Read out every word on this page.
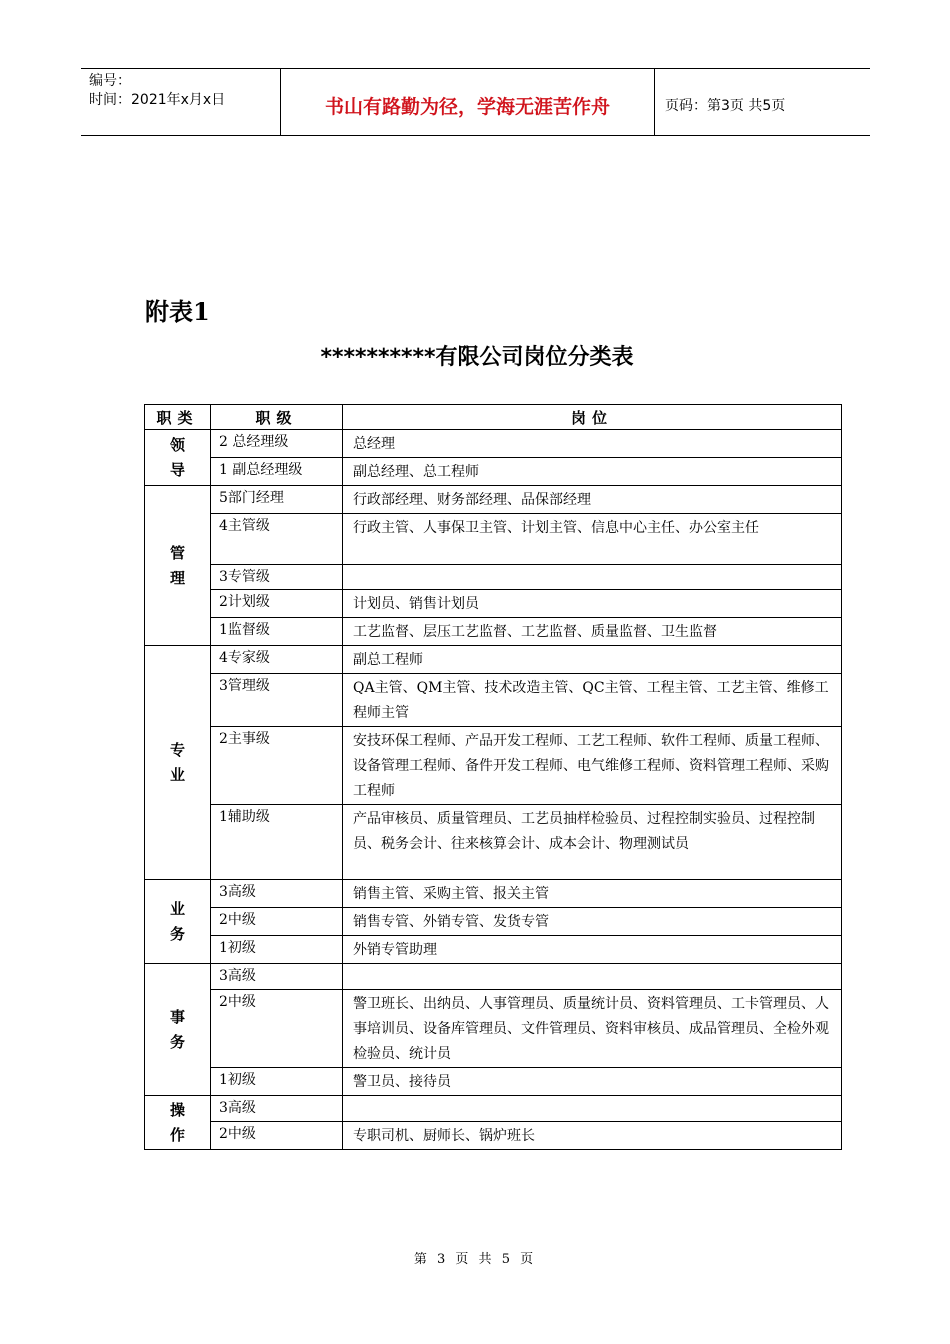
编号：
时间：2021年x月x日	书山有路勤为径，学海无涯苦作舟	页码：第3页 共5页
附表1
**********有限公司岗位分类表
职类	职级	岗位

领
导	2 总经理级	总经理
	1 副总经理级	副总经理、总工程师

管
理	5部门经理	行政部经理、财务部经理、品保部经理
	4主管级	行政主管、人事保卫主管、计划主管、信息中心主任、办公室主任
	3专管级	
	2计划级	计划员、销售计划员
	1监督级	工艺监督、层压工艺监督、工艺监督、质量监督、卫生监督

专
业	4专家级	副总工程师
	3管理级	QA主管、QM主管、技术改造主管、QC主管、工程主管、工艺主管、维修工程师主管
	2主事级	安技环保工程师、产品开发工程师、工艺工程师、软件工程师、质量工程师、设备管理工程师、备件开发工程师、电气维修工程师、资料管理工程师、采购工程师
	1辅助级	产品审核员、质量管理员、工艺员抽样检验员、过程控制实验员、过程控制员、税务会计、往来核算会计、成本会计、物理测试员

业
务	3高级	销售主管、采购主管、报关主管
	2中级	销售专管、外销专管、发货专管
	1初级	外销专管助理

事
务	3高级	
	2中级	警卫班长、出纳员、人事管理员、质量统计员、资料管理员、工卡管理员、人事培训员、设备库管理员、文件管理员、资料审核员、成品管理员、全检外观检验员、统计员
	1初级	警卫员、接待员

操
作	3高级	
	2中级	专职司机、厨师长、锅炉班长
第 3 页 共 5 页
